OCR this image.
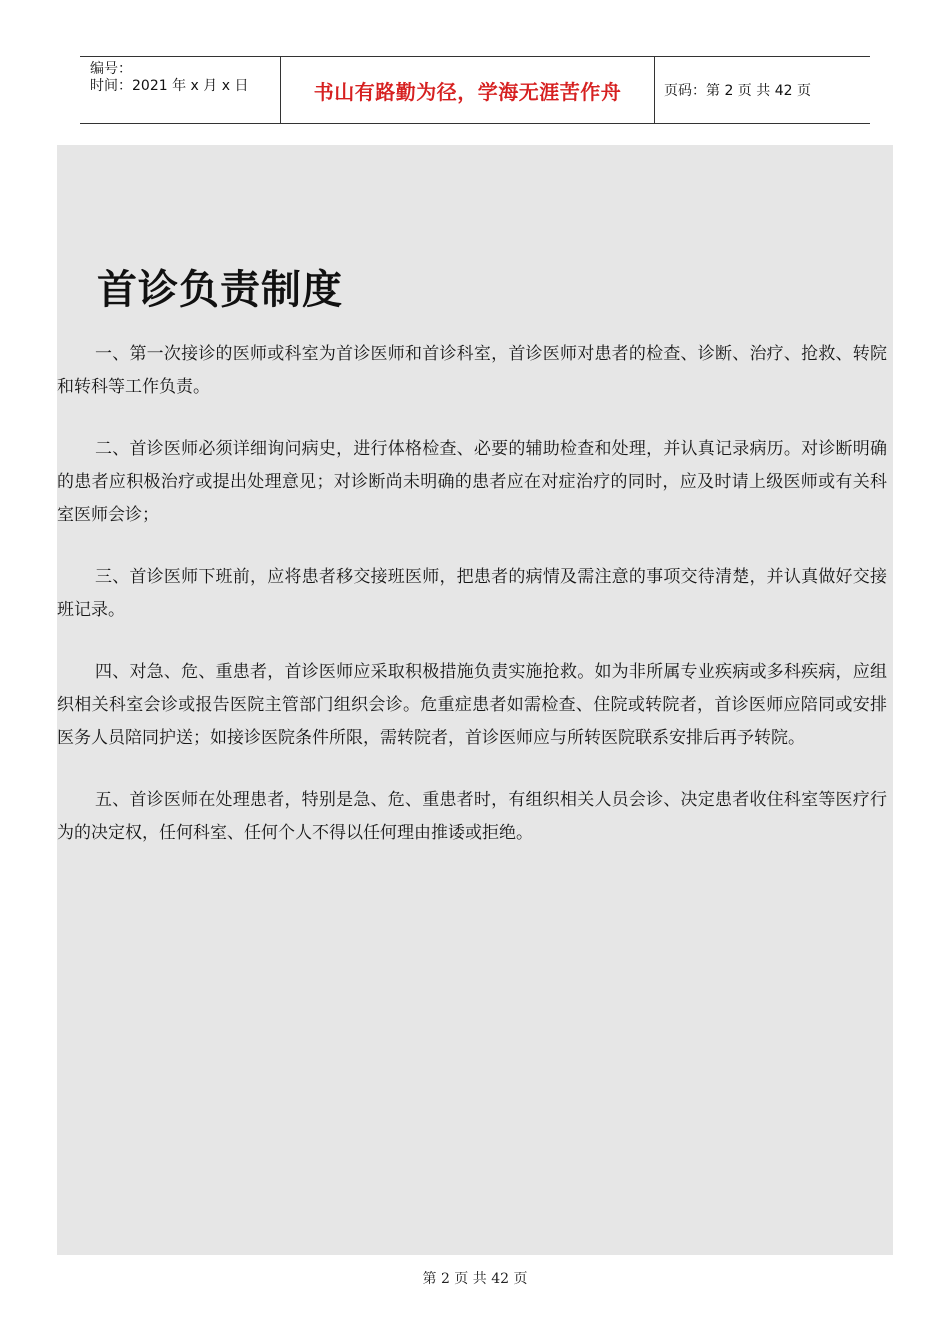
编号：
时间：2021 年 x 月 x 日	书山有路勤为径，学海无涯苦作舟	页码：第 2 页 共 42 页
首诊负责制度

一、第一次接诊的医师或科室为首诊医师和首诊科室，首诊医师对患者的检查、诊断、治疗、抢救、转院和转科等工作负责。

二、首诊医师必须详细询问病史，进行体格检查、必要的辅助检查和处理，并认真记录病历。对诊断明确的患者应积极治疗或提出处理意见；对诊断尚未明确的患者应在对症治疗的同时，应及时请上级医师或有关科室医师会诊；

三、首诊医师下班前，应将患者移交接班医师，把患者的病情及需注意的事项交待清楚，并认真做好交接班记录。

四、对急、危、重患者，首诊医师应采取积极措施负责实施抢救。如为非所属专业疾病或多科疾病，应组织相关科室会诊或报告医院主管部门组织会诊。危重症患者如需检查、住院或转院者，首诊医师应陪同或安排医务人员陪同护送；如接诊医院条件所限，需转院者，首诊医师应与所转医院联系安排后再予转院。

五、首诊医师在处理患者，特别是急、危、重患者时，有组织相关人员会诊、决定患者收住科室等医疗行为的决定权，任何科室、任何个人不得以任何理由推诿或拒绝。

第 2 页 共 42 页
